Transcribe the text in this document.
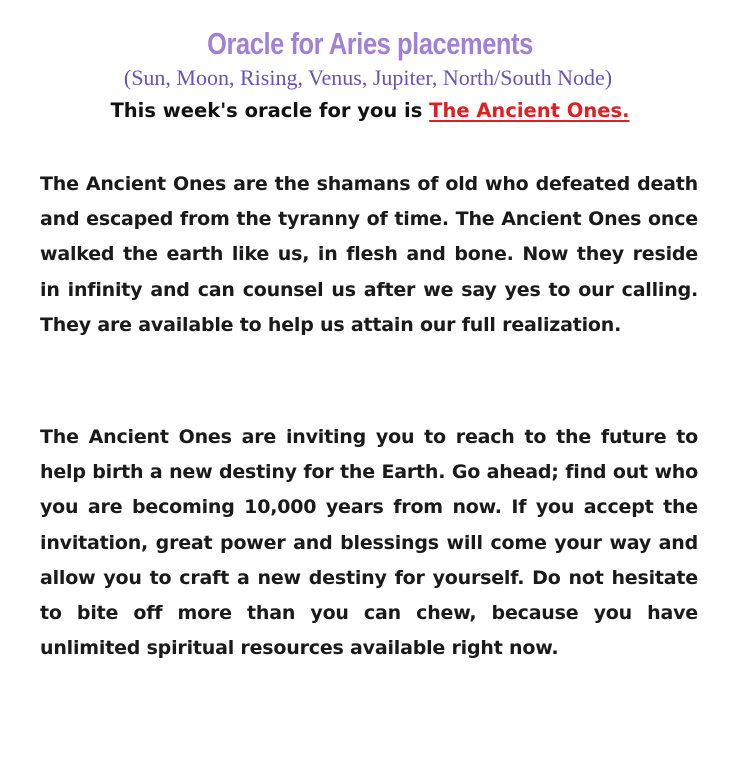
Oracle for Aries placements
(Sun, Moon, Rising, Venus, Jupiter, North/South Node)
This week's oracle for you is The Ancient Ones.
The Ancient Ones are the shamans of old who defeated death and escaped from the tyranny of time. The Ancient Ones once walked the earth like us, in flesh and bone. Now they reside in infinity and can counsel us after we say yes to our calling. They are available to help us attain our full realization.
The Ancient Ones are inviting you to reach to the future to help birth a new destiny for the Earth. Go ahead; find out who you are becoming 10,000 years from now. If you accept the invitation, great power and blessings will come your way and allow you to craft a new destiny for yourself. Do not hesitate to bite off more than you can chew, because you have unlimited spiritual resources available right now.
